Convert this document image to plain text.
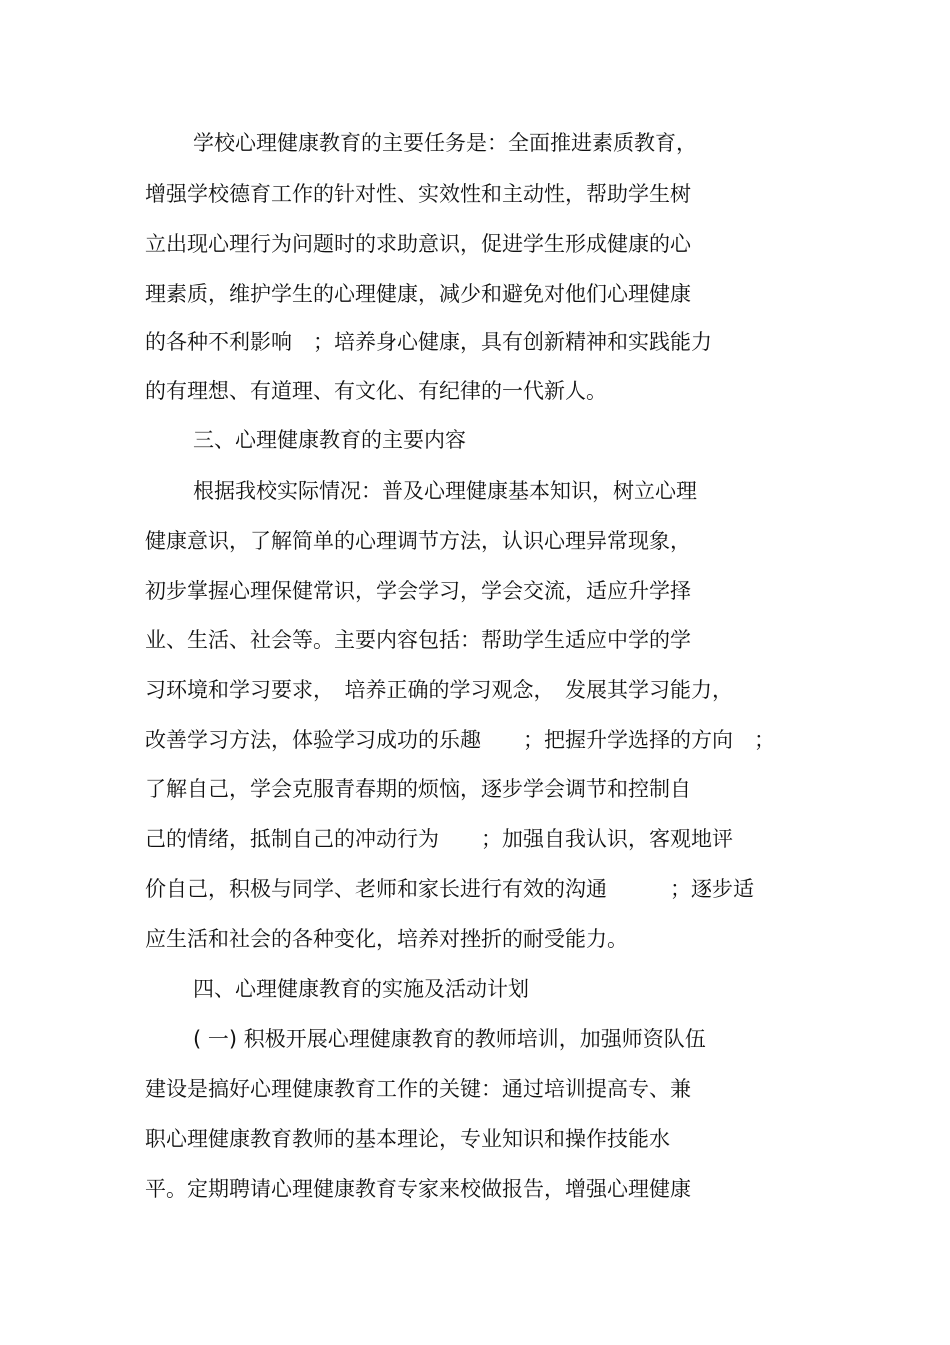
学校心理健康教育的主要任务是：全面推进素质教育，
增强学校德育工作的针对性、实效性和主动性，帮助学生树
立出现心理行为问题时的求助意识，促进学生形成健康的心
理素质，维护学生的心理健康，减少和避免对他们心理健康
的各种不利影响　；培养身心健康，具有创新精神和实践能力
的有理想、有道理、有文化、有纪律的一代新人。
三、心理健康教育的主要内容
根据我校实际情况：普及心理健康基本知识，树立心理
健康意识，了解简单的心理调节方法，认识心理异常现象，
初步掌握心理保健常识，学会学习，学会交流，适应升学择
业、生活、社会等。主要内容包括：帮助学生适应中学的学
习环境和学习要求，　培养正确的学习观念，　发展其学习能力，
改善学习方法，体验学习成功的乐趣　　；把握升学选择的方向　；
了解自己，学会克服青春期的烦恼，逐步学会调节和控制自
己的情绪，抵制自己的冲动行为　　；加强自我认识，客观地评
价自己，积极与同学、老师和家长进行有效的沟通　　　；逐步适
应生活和社会的各种变化，培养对挫折的耐受能力。
四、心理健康教育的实施及活动计划
( 一) 积极开展心理健康教育的教师培训，加强师资队伍
建设是搞好心理健康教育工作的关键：通过培训提高专、兼
职心理健康教育教师的基本理论，专业知识和操作技能水
平。定期聘请心理健康教育专家来校做报告，增强心理健康
